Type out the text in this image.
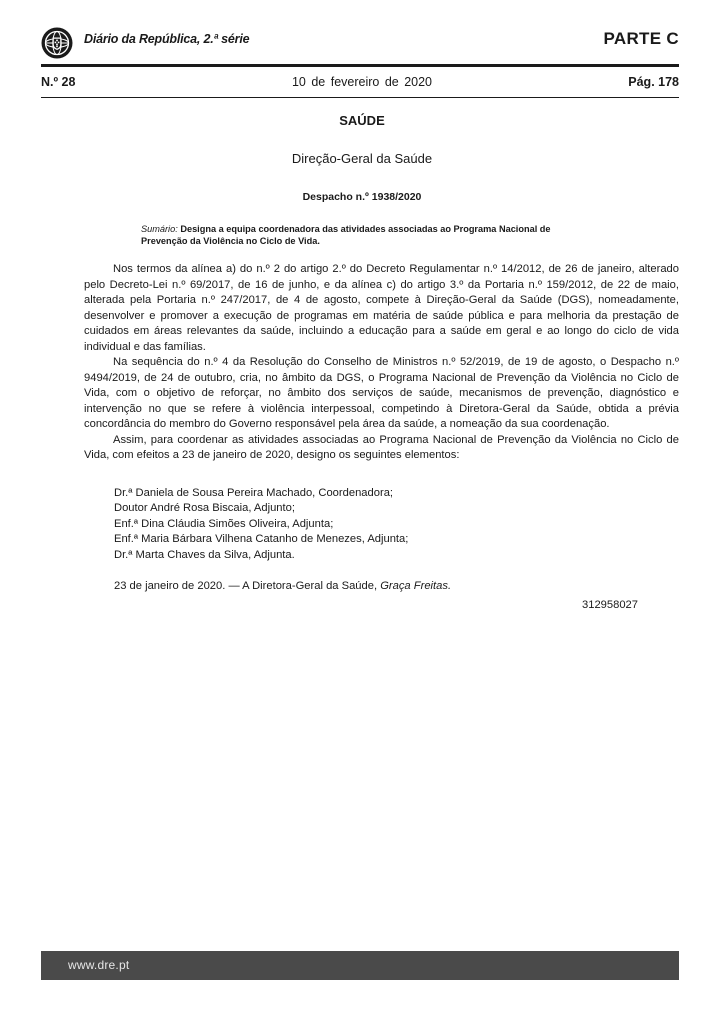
Diário da República, 2.ª série	PARTE C
N.º 28	10 de fevereiro de 2020	Pág. 178
SAÚDE
Direção-Geral da Saúde
Despacho n.º 1938/2020
Sumário: Designa a equipa coordenadora das atividades associadas ao Programa Nacional de Prevenção da Violência no Ciclo de Vida.

Nos termos da alínea a) do n.º 2 do artigo 2.º do Decreto Regulamentar n.º 14/2012, de 26 de janeiro, alterado pelo Decreto-Lei n.º 69/2017, de 16 de junho, e da alínea c) do artigo 3.º da Portaria n.º 159/2012, de 22 de maio, alterada pela Portaria n.º 247/2017, de 4 de agosto, compete à Direção-Geral da Saúde (DGS), nomeadamente, desenvolver e promover a execução de programas em matéria de saúde pública e para melhoria da prestação de cuidados em áreas relevantes da saúde, incluindo a educação para a saúde em geral e ao longo do ciclo de vida individual e das famílias.

Na sequência do n.º 4 da Resolução do Conselho de Ministros n.º 52/2019, de 19 de agosto, o Despacho n.º 9494/2019, de 24 de outubro, cria, no âmbito da DGS, o Programa Nacional de Prevenção da Violência no Ciclo de Vida, com o objetivo de reforçar, no âmbito dos serviços de saúde, mecanismos de prevenção, diagnóstico e intervenção no que se refere à violência interpessoal, competindo à Diretora-Geral da Saúde, obtida a prévia concordância do membro do Governo responsável pela área da saúde, a nomeação da sua coordenação.

Assim, para coordenar as atividades associadas ao Programa Nacional de Prevenção da Violência no Ciclo de Vida, com efeitos a 23 de janeiro de 2020, designo os seguintes elementos:

Dr.ª Daniela de Sousa Pereira Machado, Coordenadora;
Doutor André Rosa Biscaia, Adjunto;
Enf.ª Dina Cláudia Simões Oliveira, Adjunta;
Enf.ª Maria Bárbara Vilhena Catanho de Menezes, Adjunta;
Dr.ª Marta Chaves da Silva, Adjunta.
23 de janeiro de 2020. — A Diretora-Geral da Saúde, Graça Freitas.
312958027
www.dre.pt
